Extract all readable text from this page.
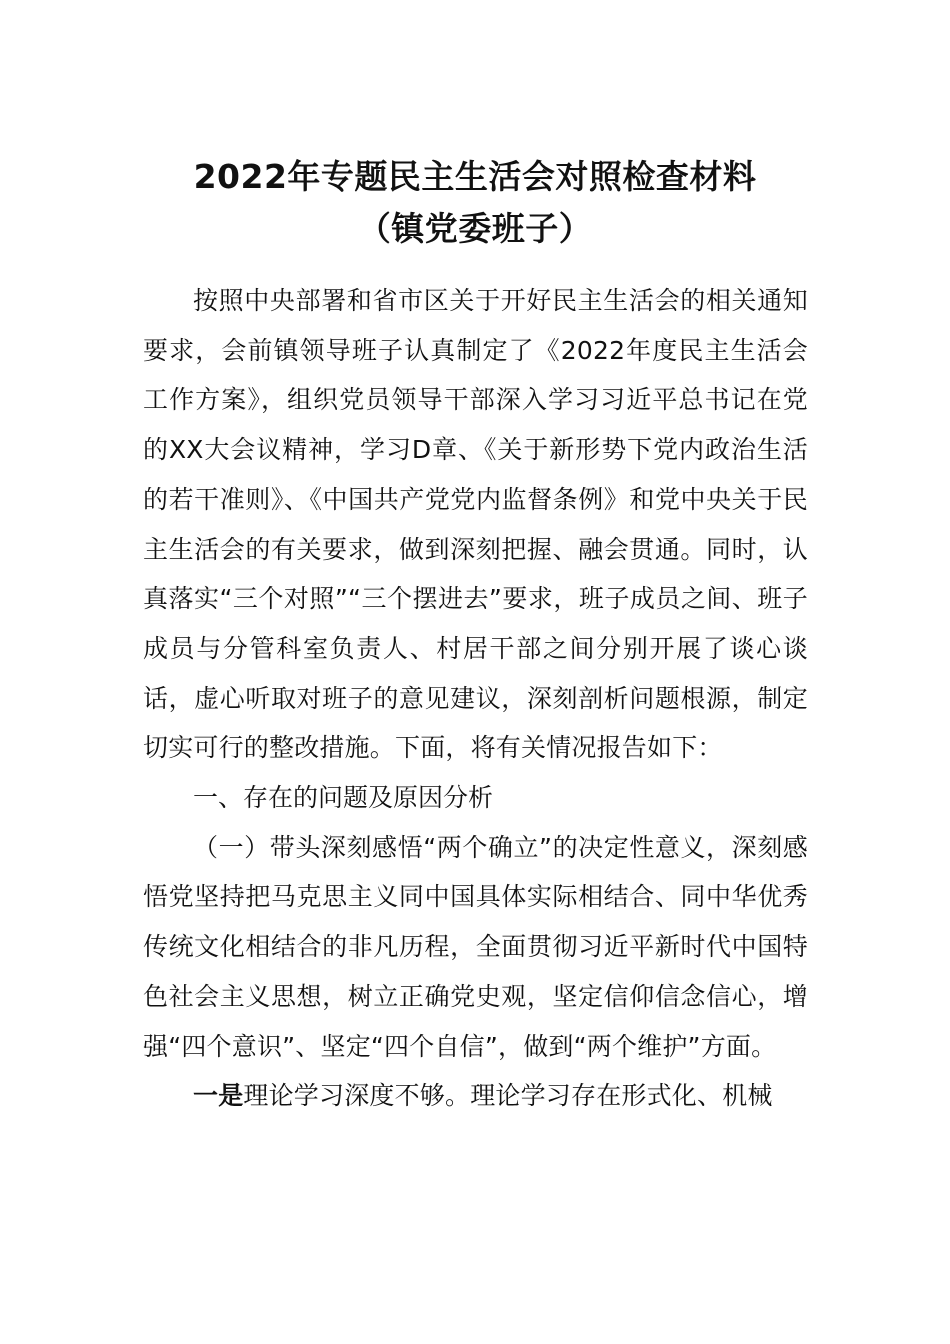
2022年专题民主生活会对照检查材料
（镇党委班子）

按照中央部署和省市区关于开好民主生活会的相关通知要求，会前镇领导班子认真制定了《2022年度民主生活会工作方案》，组织党员领导干部深入学习习近平总书记在党的XX大会议精神，学习D章、《关于新形势下党内政治生活的若干准则》、《中国共产党党内监督条例》和党中央关于民主生活会的有关要求，做到深刻把握、融会贯通。同时，认真落实“三个对照”“三个摆进去”要求，班子成员之间、班子成员与分管科室负责人、村居干部之间分别开展了谈心谈话，虚心听取对班子的意见建议，深刻剖析问题根源，制定切实可行的整改措施。下面，将有关情况报告如下：

一、存在的问题及原因分析

（一）带头深刻感悟“两个确立”的决定性意义，深刻感悟党坚持把马克思主义同中国具体实际相结合、同中华优秀传统文化相结合的非凡历程，全面贯彻习近平新时代中国特色社会主义思想，树立正确党史观，坚定信仰信念信心，增强“四个意识”、坚定“四个自信”，做到“两个维护”方面。

一是理论学习深度不够。理论学习存在形式化、机械
